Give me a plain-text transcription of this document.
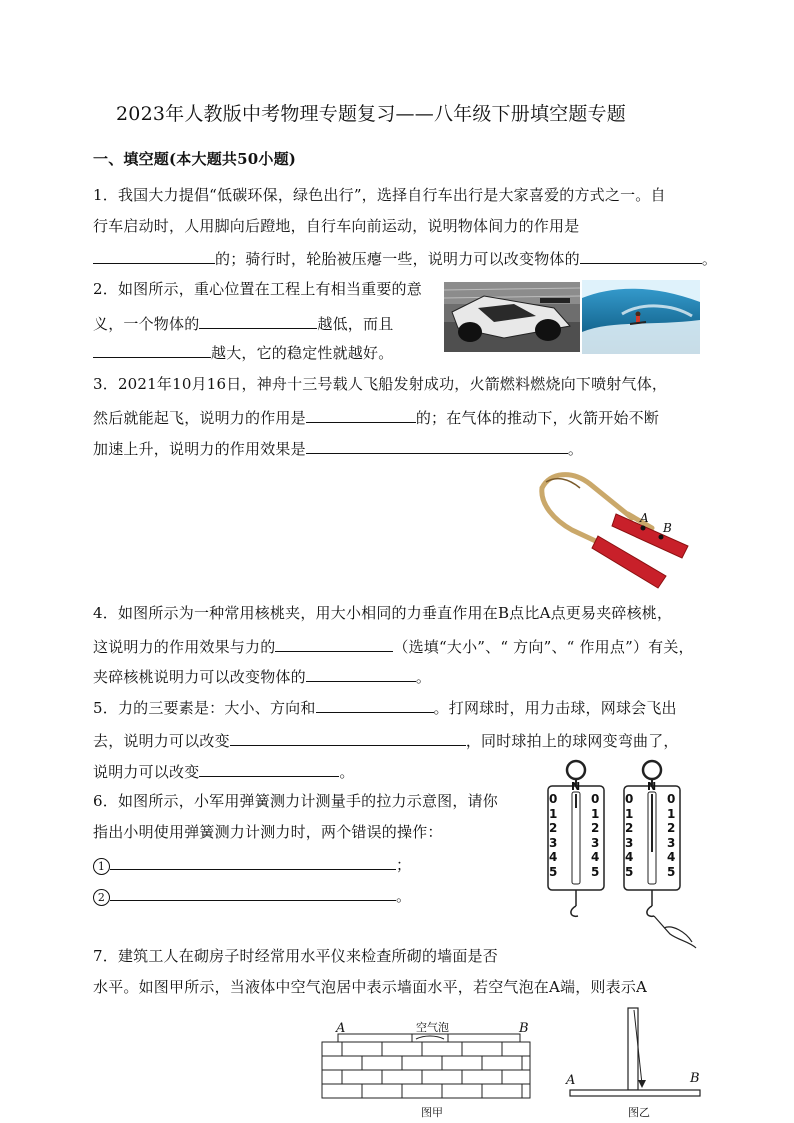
2023年人教版中考物理专题复习——八年级下册填空题专题
一、填空题(本大题共50小题)
1．我国大力提倡“低碳环保，绿色出行”，选择自行车出行是大家喜爱的方式之一。自
行车启动时，人用脚向后蹬地，自行车向前运动，说明物体间力的作用是
的；骑行时，轮胎被压瘪一些，说明力可以改变物体的	。
2．如图所示，重心位置在工程上有相当重要的意
义，一个物体的	越低，而且
越大，它的稳定性就越好。
3．2021年10月16日，神舟十三号载人飞船发射成功，火箭燃料燃烧向下喷射气体，
然后就能起飞，说明力的作用是	的；在气体的推动下，火箭开始不断
加速上升，说明力的作用效果是	。
A
B
4．如图所示为一种常用核桃夹，用大小相同的力垂直作用在B点比A点更易夹碎核桃，
这说明力的作用效果与力的	（选填“大小”、“ 方向”、“ 作用点”）有关，
夹碎核桃说明力可以改变物体的	。
5．力的三要素是：大小、方向和	。打网球时，用力击球，网球会飞出
去，说明力可以改变	，同时球拍上的球网变弯曲了，
说明力可以改变	。
6．如图所示，小军用弹簧测力计测量手的拉力示意图，请你
指出小明使用弹簧测力计测力时，两个错误的操作：
1	；
2	。
N	N
0	0 0	0
1	1 1	1
2	2 2	2
3	3 3	3
4	4 4	4
5	5 5	5
7．建筑工人在砌房子时经常用水平仪来检查所砌的墙面是否
水平。如图甲所示，当液体中空气泡居中表示墙面水平，若空气泡在A端，则表示A
A	B
空气泡
图甲
A	B
图乙
